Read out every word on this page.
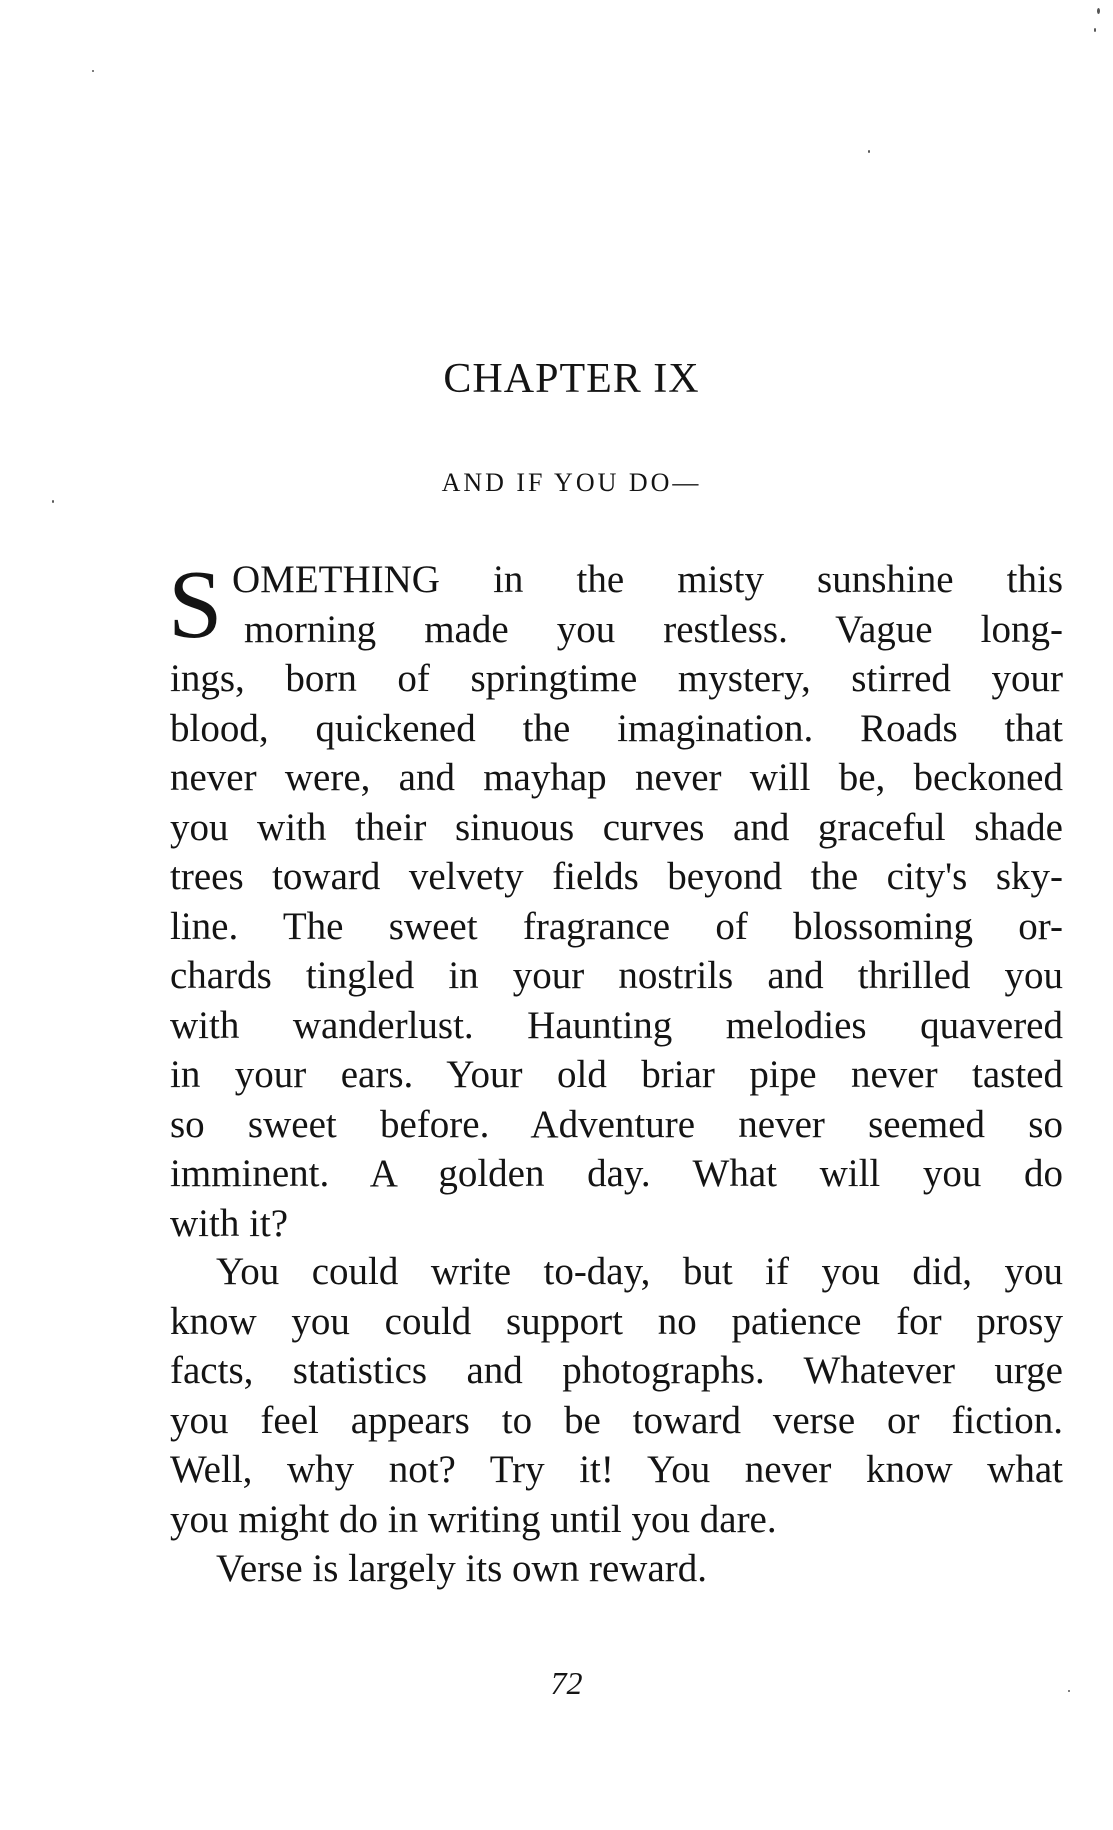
CHAPTER IX
AND IF YOU DO—
S OMETHING in the misty sunshine this
morning made you restless. Vague long-
ings, born of springtime mystery, stirred your
blood, quickened the imagination. Roads that
never were, and mayhap never will be, beckoned
you with their sinuous curves and graceful shade
trees toward velvety fields beyond the city's sky-
line. The sweet fragrance of blossoming or-
chards tingled in your nostrils and thrilled you
with wanderlust. Haunting melodies quavered
in your ears. Your old briar pipe never tasted
so sweet before. Adventure never seemed so
imminent. A golden day. What will you do
with it?
You could write to-day, but if you did, you
know you could support no patience for prosy
facts, statistics and photographs. Whatever urge
you feel appears to be toward verse or fiction.
Well, why not? Try it! You never know what
you might do in writing until you dare.
Verse is largely its own reward.
72
